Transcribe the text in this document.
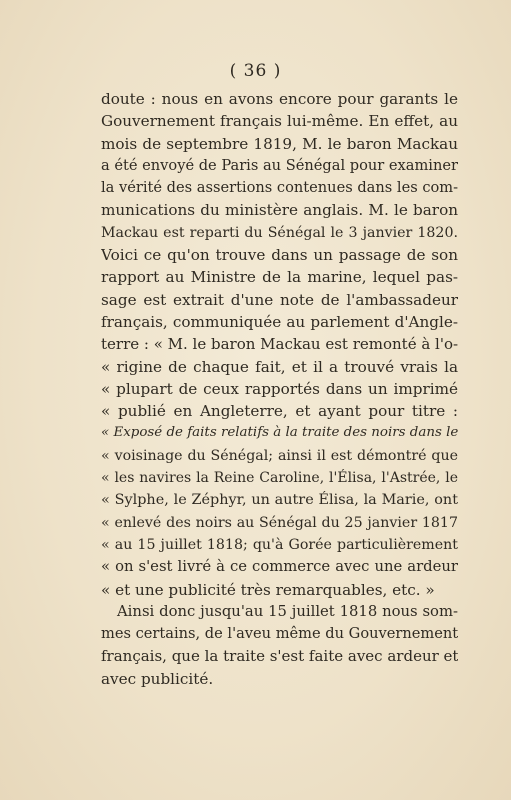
( 36 )
doute : nous en avons encore pour garants le
Gouvernement français lui-même. En effet, au
mois de septembre 1819, M. le baron Mackau
a été envoyé de Paris au Sénégal pour examiner
la vérité des assertions contenues dans les com-
munications du ministère anglais. M. le baron
Mackau est reparti du Sénégal le 3 janvier 1820.
Voici ce qu'on trouve dans un passage de son
rapport au Ministre de la marine, lequel pas-
sage est extrait d'une note de l'ambassadeur
français, communiquée au parlement d'Angle-
terre : « M. le baron Mackau est remonté à l'o-
« rigine de chaque fait, et il a trouvé vrais la
« plupart de ceux rapportés dans un imprimé
« publié en Angleterre, et ayant pour titre :
« Exposé de faits relatifs à la traite des noirs dans le
« voisinage du Sénégal; ainsi il est démontré que
« les navires la Reine Caroline, l'Élisa, l'Astrée, le
« Sylphe, le Zéphyr, un autre Élisa, la Marie, ont
« enlevé des noirs au Sénégal du 25 janvier 1817
« au 15 juillet 1818; qu'à Gorée particulièrement
« on s'est livré à ce commerce avec une ardeur
« et une publicité très remarquables, etc. »
Ainsi donc jusqu'au 15 juillet 1818 nous som-
mes certains, de l'aveu même du Gouvernement
français, que la traite s'est faite avec ardeur et
avec publicité.
